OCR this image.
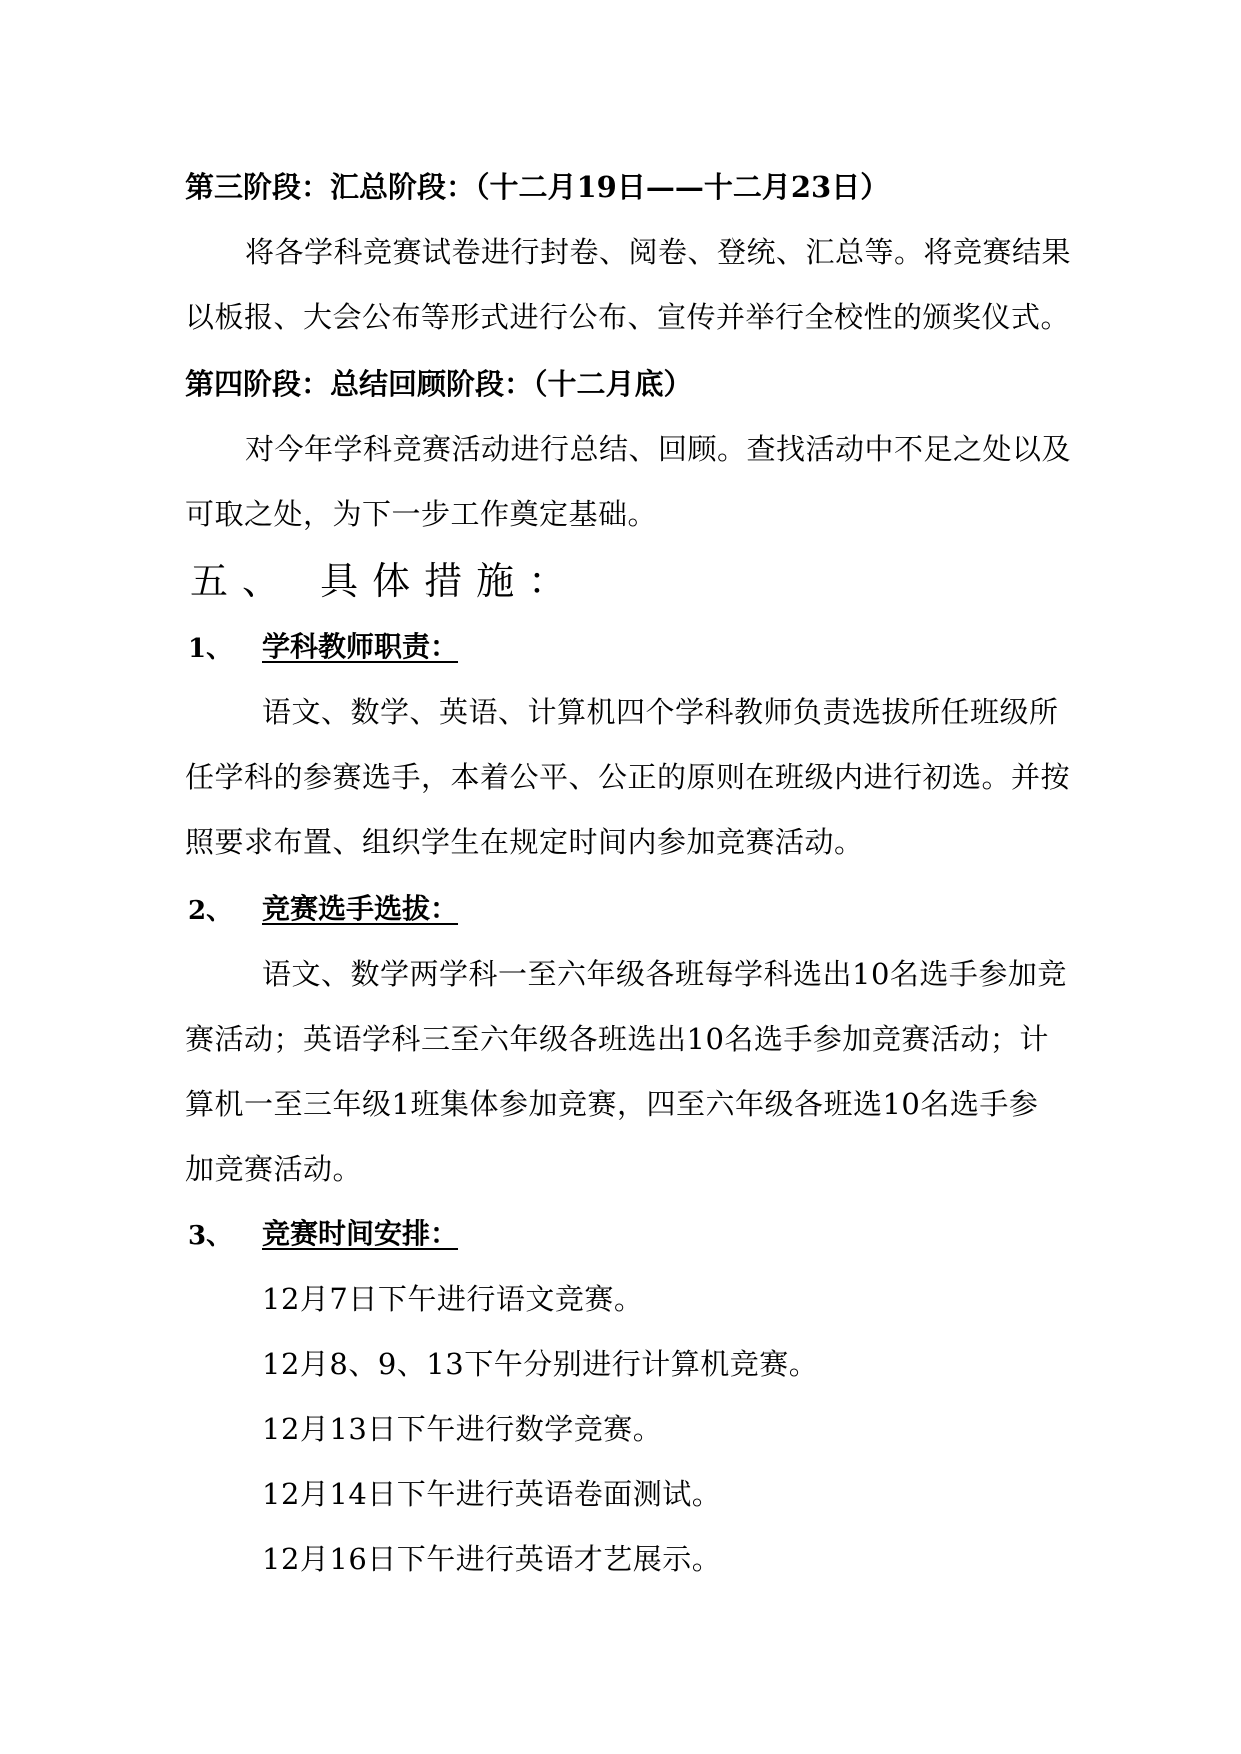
第三阶段：汇总阶段：（十二月19日——十二月23日）

将各学科竞赛试卷进行封卷、阅卷、登统、汇总等。将竞赛结果

以板报、大会公布等形式进行公布、宣传并举行全校性的颁奖仪式。

第四阶段：总结回顾阶段：（十二月底）

对今年学科竞赛活动进行总结、回顾。查找活动中不足之处以及

可取之处，为下一步工作奠定基础。

五、 具体措施：

1、 学科教师职责：

语文、数学、英语、计算机四个学科教师负责选拔所任班级所

任学科的参赛选手，本着公平、公正的原则在班级内进行初选。并按

照要求布置、组织学生在规定时间内参加竞赛活动。

2、 竞赛选手选拔：

语文、数学两学科一至六年级各班每学科选出10名选手参加竞

赛活动；英语学科三至六年级各班选出10名选手参加竞赛活动；计

算机一至三年级1班集体参加竞赛，四至六年级各班选10名选手参

加竞赛活动。

3、 竞赛时间安排：

12月7日下午进行语文竞赛。

12月8、9、13下午分别进行计算机竞赛。

12月13日下午进行数学竞赛。

12月14日下午进行英语卷面测试。

12月16日下午进行英语才艺展示。
